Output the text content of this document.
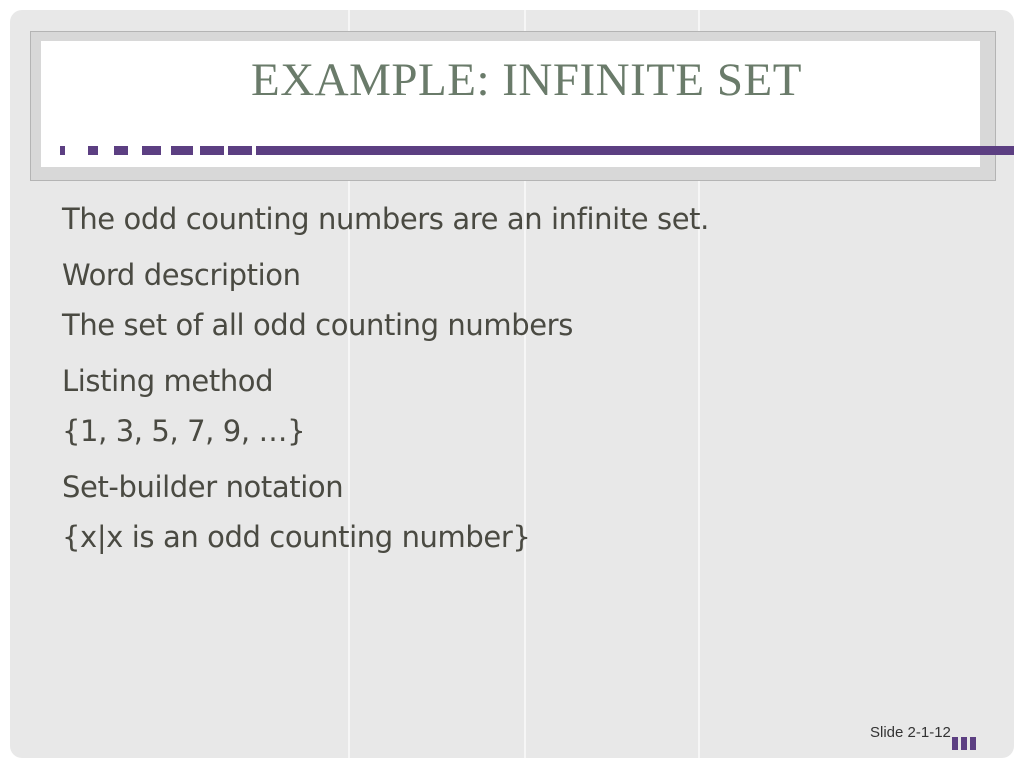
EXAMPLE: INFINITE SET

The odd counting numbers are an infinite set.

Word description

The set of all odd counting numbers

Listing method

{1, 3, 5, 7, 9, …}

Set-builder notation

{x|x is an odd counting number}

Slide 2-1-12
